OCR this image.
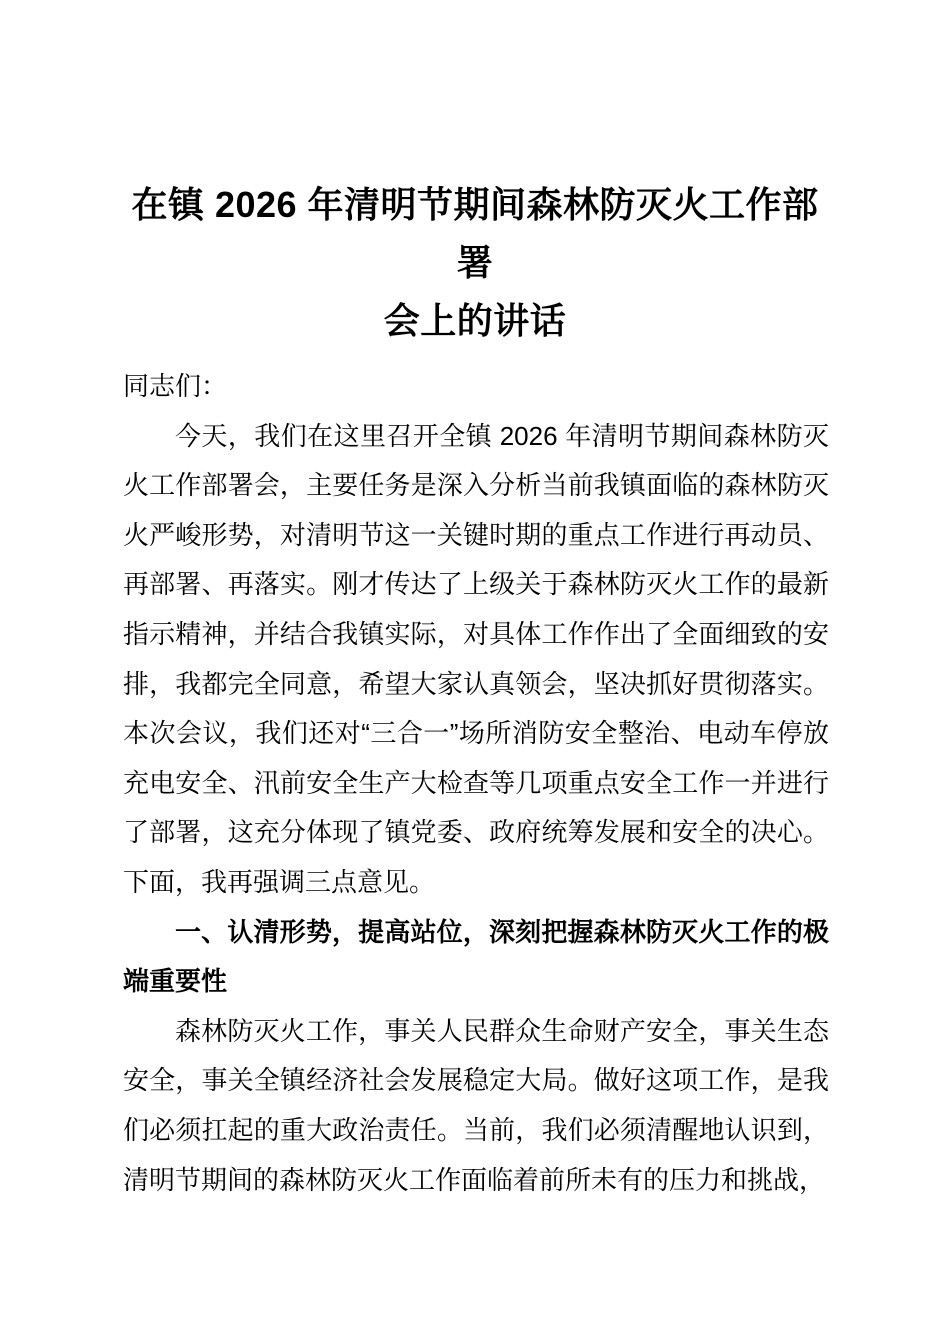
在镇 2026 年清明节期间森林防灭火工作部署
会上的讲话

同志们：

今天，我们在这里召开全镇 2026 年清明节期间森林防灭火工作部署会，主要任务是深入分析当前我镇面临的森林防灭火严峻形势，对清明节这一关键时期的重点工作进行再动员、再部署、再落实。刚才传达了上级关于森林防灭火工作的最新指示精神，并结合我镇实际，对具体工作作出了全面细致的安排，我都完全同意，希望大家认真领会，坚决抓好贯彻落实。本次会议，我们还对“三合一”场所消防安全整治、电动车停放充电安全、汛前安全生产大检查等几项重点安全工作一并进行了部署，这充分体现了镇党委、政府统筹发展和安全的决心。下面，我再强调三点意见。

一、认清形势，提高站位，深刻把握森林防灭火工作的极端重要性

森林防灭火工作，事关人民群众生命财产安全，事关生态安全，事关全镇经济社会发展稳定大局。做好这项工作，是我们必须扛起的重大政治责任。当前，我们必须清醒地认识到，清明节期间的森林防灭火工作面临着前所未有的压力和挑战，
